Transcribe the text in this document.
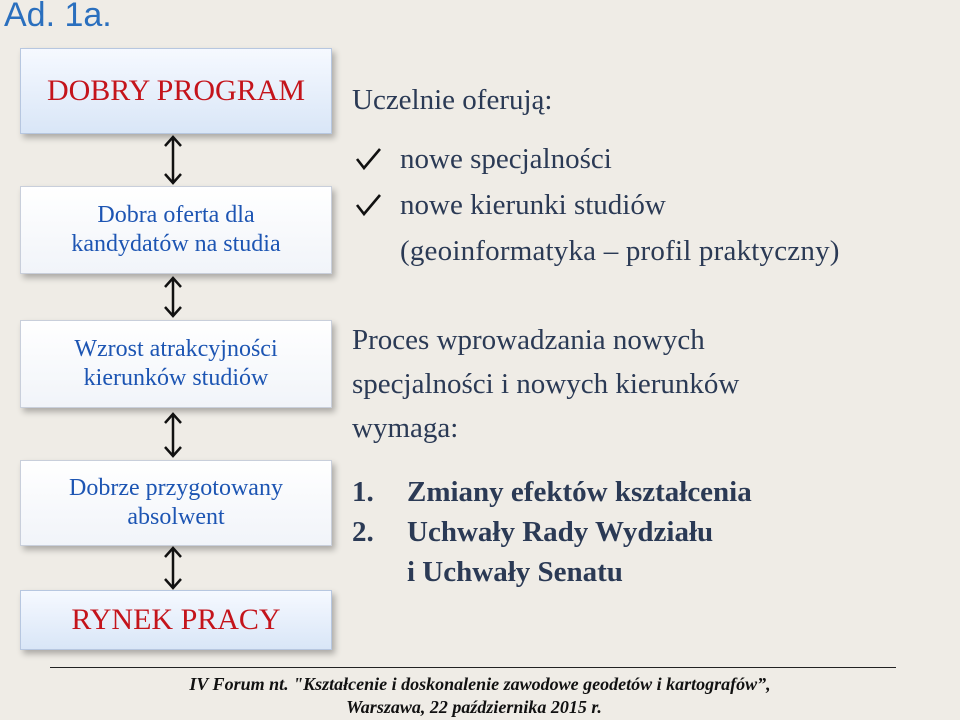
Ad. 1a.
DOBRY PROGRAM
Dobra oferta dla
kandydatów na studia
Wzrost atrakcyjności
kierunków studiów
Dobrze przygotowany
absolwent
RYNEK PRACY
Uczelnie oferują:
nowe specjalności
nowe kierunki studiów
(geoinformatyka – profil praktyczny)
Proces wprowadzania nowych
specjalności i nowych kierunków
wymaga:
1. Zmiany efektów kształcenia
2. Uchwały Rady Wydziału
i Uchwały Senatu
IV Forum nt. "Kształcenie i doskonalenie zawodowe geodetów i kartografów”,
Warszawa, 22 października 2015 r.
